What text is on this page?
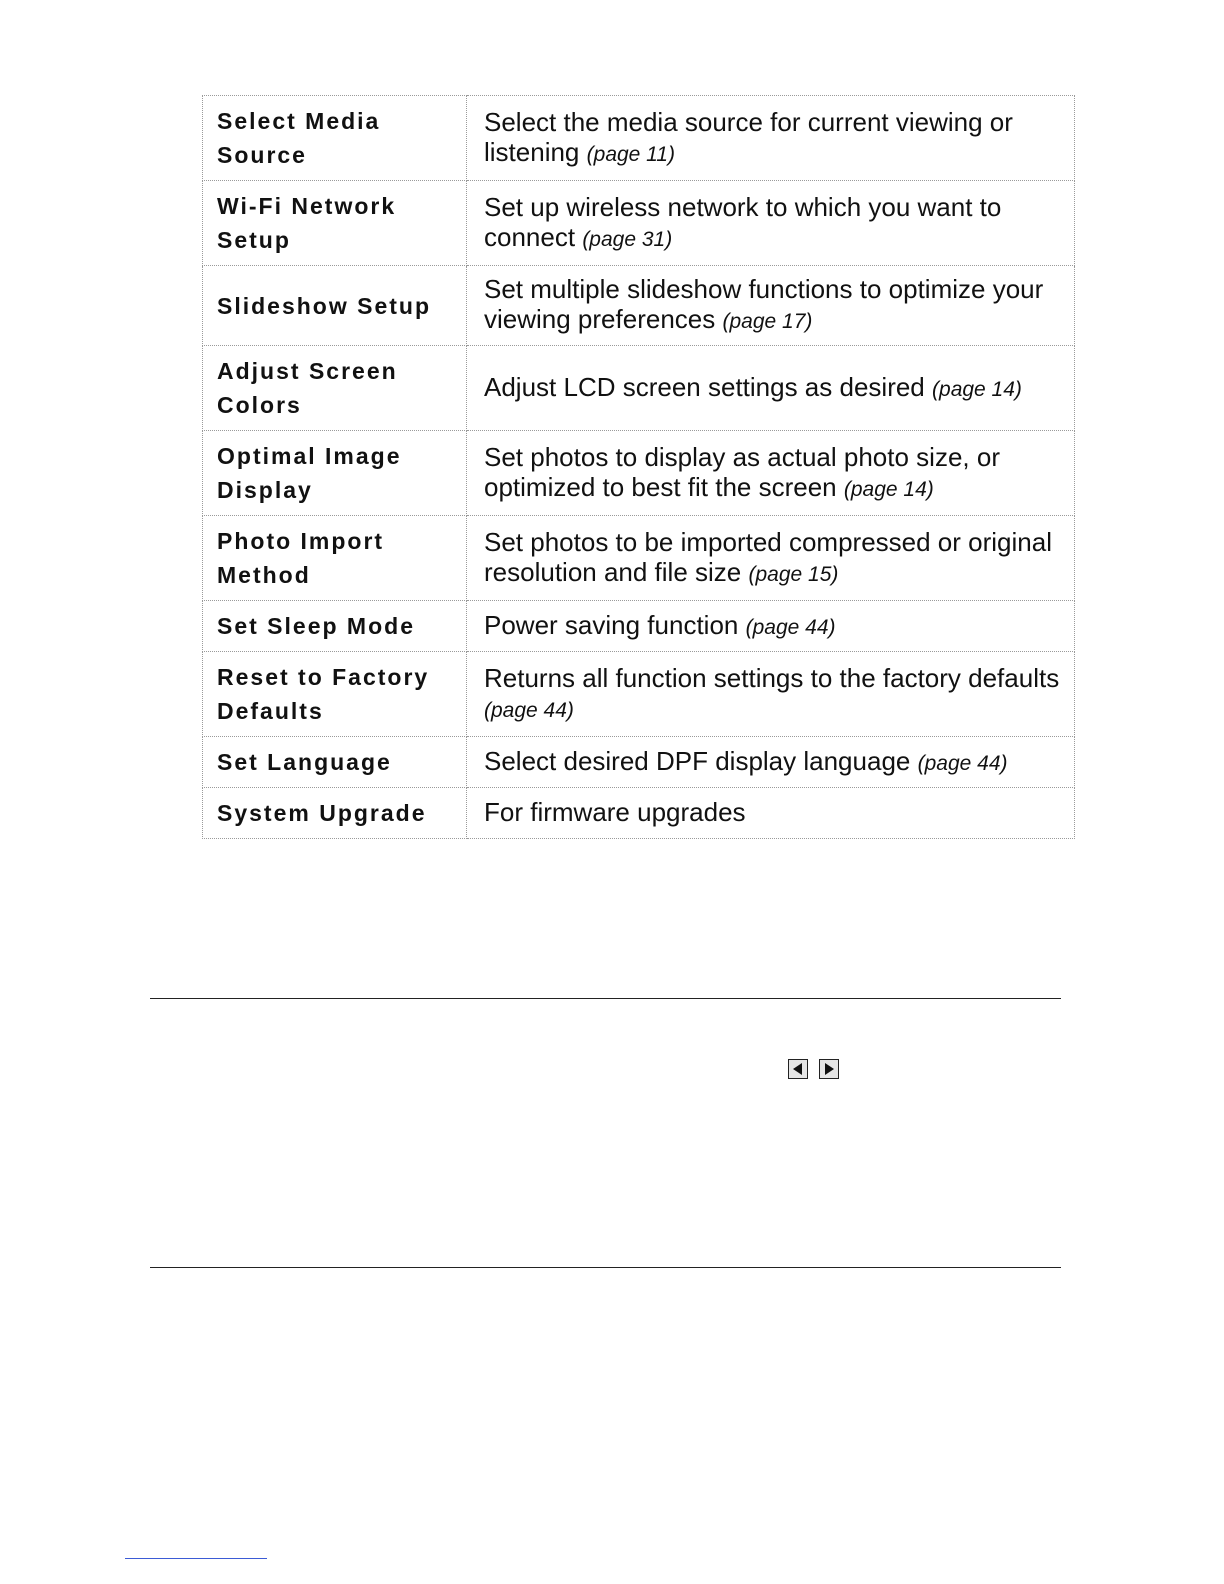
Select Media Source	Select the media source for current viewing or listening (page 11)
Wi-Fi Network Setup	Set up wireless network to which you want to connect (page 31)
Slideshow Setup	Set multiple slideshow functions to optimize your viewing preferences (page 17)
Adjust Screen Colors	Adjust LCD screen settings as desired (page 14)
Optimal Image Display	Set photos to display as actual photo size, or optimized to best fit the screen (page 14)
Photo Import Method	Set photos to be imported compressed or original resolution and file size (page 15)
Set Sleep Mode	Power saving function (page 44)
Reset to Factory Defaults	Returns all function settings to the factory defaults (page 44)
Set Language	Select desired DPF display language (page 44)
System Upgrade	For firmware upgrades
